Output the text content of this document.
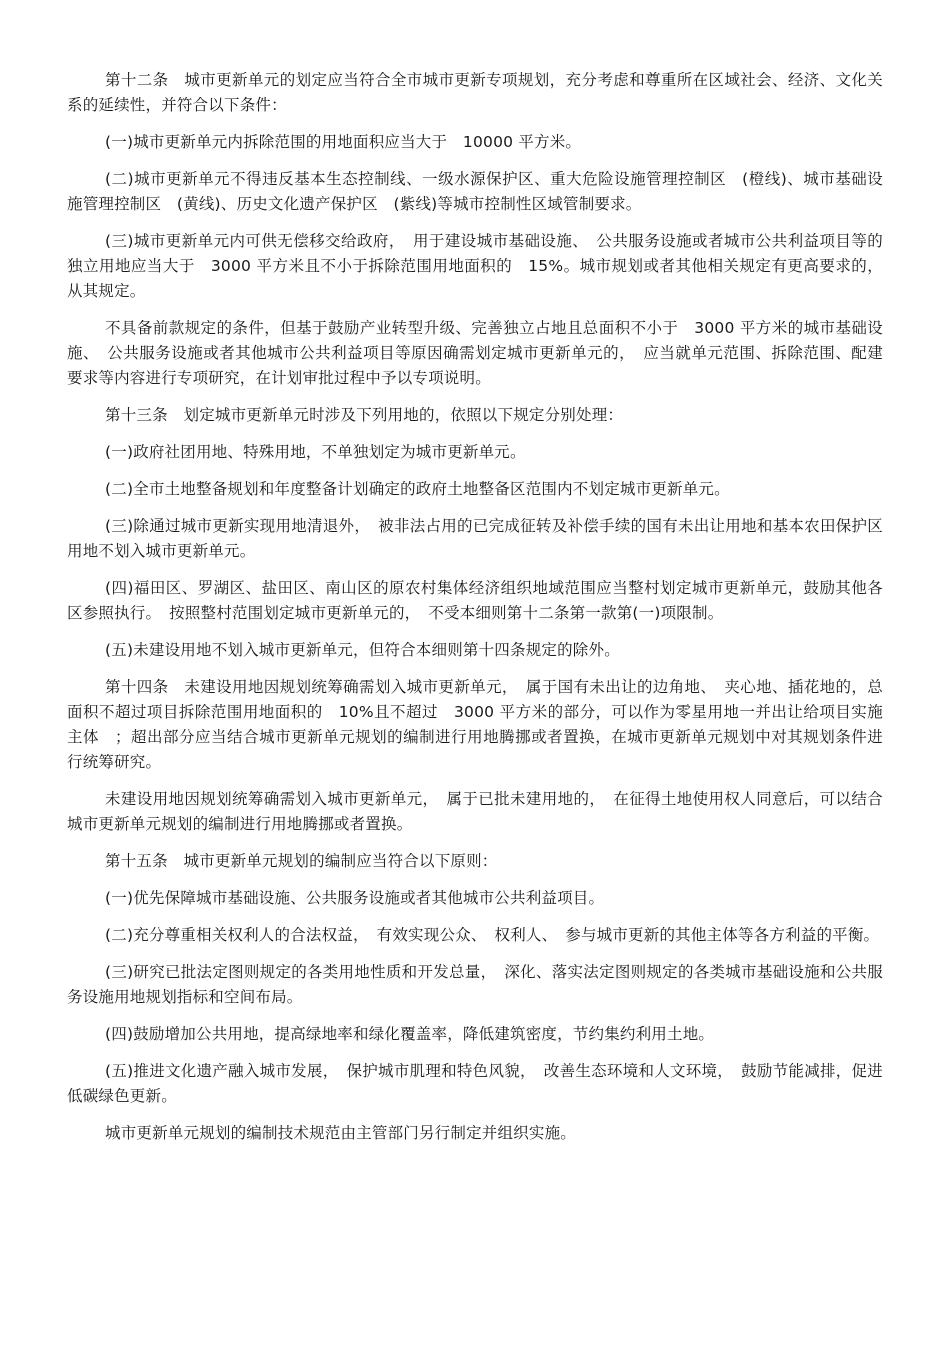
第十二条　城市更新单元的划定应当符合全市城市更新专项规划，充分考虑和尊重所在区域社会、经济、文化关系的延续性，并符合以下条件：

(一)城市更新单元内拆除范围的用地面积应当大于　10000 平方米。

(二)城市更新单元不得违反基本生态控制线、一级水源保护区、重大危险设施管理控制区　(橙线)、城市基础设施管理控制区　(黄线)、历史文化遗产保护区　(紫线)等城市控制性区域管制要求。

(三)城市更新单元内可供无偿移交给政府，　用于建设城市基础设施、　公共服务设施或者城市公共利益项目等的独立用地应当大于　3000 平方米且不小于拆除范围用地面积的　15%。城市规划或者其他相关规定有更高要求的，从其规定。

不具备前款规定的条件，但基于鼓励产业转型升级、完善独立占地且总面积不小于　3000 平方米的城市基础设施、　公共服务设施或者其他城市公共利益项目等原因确需划定城市更新单元的，　应当就单元范围、拆除范围、配建要求等内容进行专项研究，在计划审批过程中予以专项说明。

第十三条　划定城市更新单元时涉及下列用地的，依照以下规定分别处理：

(一)政府社团用地、特殊用地，不单独划定为城市更新单元。

(二)全市土地整备规划和年度整备计划确定的政府土地整备区范围内不划定城市更新单元。

(三)除通过城市更新实现用地清退外，　被非法占用的已完成征转及补偿手续的国有未出让用地和基本农田保护区用地不划入城市更新单元。

(四)福田区、罗湖区、盐田区、南山区的原农村集体经济组织地域范围应当整村划定城市更新单元，鼓励其他各区参照执行。　按照整村范围划定城市更新单元的，　不受本细则第十二条第一款第(一)项限制。

(五)未建设用地不划入城市更新单元，但符合本细则第十四条规定的除外。

第十四条　未建设用地因规划统筹确需划入城市更新单元，　属于国有未出让的边角地、　夹心地、插花地的，总面积不超过项目拆除范围用地面积的　10%且不超过　3000 平方米的部分，可以作为零星用地一并出让给项目实施主体　；超出部分应当结合城市更新单元规划的编制进行用地腾挪或者置换，在城市更新单元规划中对其规划条件进行统筹研究。

未建设用地因规划统筹确需划入城市更新单元，　属于已批未建用地的，　在征得土地使用权人同意后，可以结合城市更新单元规划的编制进行用地腾挪或者置换。

第十五条　城市更新单元规划的编制应当符合以下原则：

(一)优先保障城市基础设施、公共服务设施或者其他城市公共利益项目。

(二)充分尊重相关权利人的合法权益，　有效实现公众、　权利人、　参与城市更新的其他主体等各方利益的平衡。

(三)研究已批法定图则规定的各类用地性质和开发总量，　深化、落实法定图则规定的各类城市基础设施和公共服务设施用地规划指标和空间布局。

(四)鼓励增加公共用地，提高绿地率和绿化覆盖率，降低建筑密度，节约集约利用土地。

(五)推进文化遗产融入城市发展，　保护城市肌理和特色风貌，　改善生态环境和人文环境，　鼓励节能减排，促进低碳绿色更新。

城市更新单元规划的编制技术规范由主管部门另行制定并组织实施。
